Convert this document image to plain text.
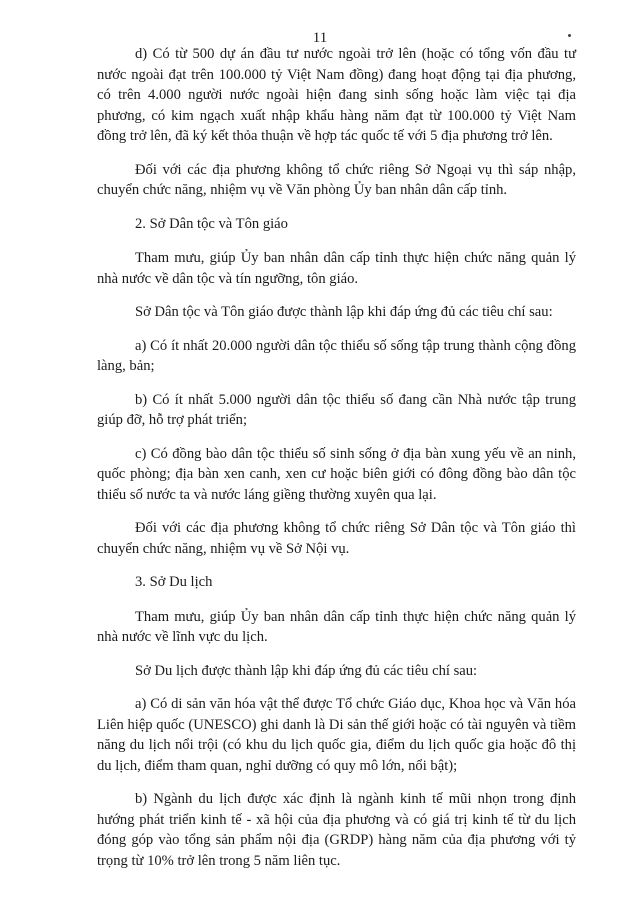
11

d) Có từ 500 dự án đầu tư nước ngoài trở lên (hoặc có tổng vốn đầu tư nước ngoài đạt trên 100.000 tỷ Việt Nam đồng) đang hoạt động tại địa phương, có trên 4.000 người nước ngoài hiện đang sinh sống hoặc làm việc tại địa phương, có kim ngạch xuất nhập khẩu hàng năm đạt từ 100.000 tỷ Việt Nam đồng trở lên, đã ký kết thỏa thuận về hợp tác quốc tế với 5 địa phương trở lên.

Đối với các địa phương không tổ chức riêng Sở Ngoại vụ thì sáp nhập, chuyển chức năng, nhiệm vụ về Văn phòng Ủy ban nhân dân cấp tỉnh.

2. Sở Dân tộc và Tôn giáo

Tham mưu, giúp Ủy ban nhân dân cấp tỉnh thực hiện chức năng quản lý nhà nước về dân tộc và tín ngưỡng, tôn giáo.

Sở Dân tộc và Tôn giáo được thành lập khi đáp ứng đủ các tiêu chí sau:

a) Có ít nhất 20.000 người dân tộc thiểu số sống tập trung thành cộng đồng làng, bản;

b) Có ít nhất 5.000 người dân tộc thiểu số đang cần Nhà nước tập trung giúp đỡ, hỗ trợ phát triển;

c) Có đồng bào dân tộc thiểu số sinh sống ở địa bàn xung yếu về an ninh, quốc phòng; địa bàn xen canh, xen cư hoặc biên giới có đông đồng bào dân tộc thiểu số nước ta và nước láng giềng thường xuyên qua lại.

Đối với các địa phương không tổ chức riêng Sở Dân tộc và Tôn giáo thì chuyển chức năng, nhiệm vụ về Sở Nội vụ.

3. Sở Du lịch

Tham mưu, giúp Ủy ban nhân dân cấp tỉnh thực hiện chức năng quản lý nhà nước về lĩnh vực du lịch.

Sở Du lịch được thành lập khi đáp ứng đủ các tiêu chí sau:

a) Có di sản văn hóa vật thể được Tổ chức Giáo dục, Khoa học và Văn hóa Liên hiệp quốc (UNESCO) ghi danh là Di sản thế giới hoặc có tài nguyên và tiềm năng du lịch nổi trội (có khu du lịch quốc gia, điểm du lịch quốc gia hoặc đô thị du lịch, điểm tham quan, nghỉ dưỡng có quy mô lớn, nổi bật);

b) Ngành du lịch được xác định là ngành kinh tế mũi nhọn trong định hướng phát triển kinh tế - xã hội của địa phương và có giá trị kinh tế từ du lịch đóng góp vào tổng sản phẩm nội địa (GRDP) hàng năm của địa phương với tỷ trọng từ 10% trở lên trong 5 năm liên tục.
